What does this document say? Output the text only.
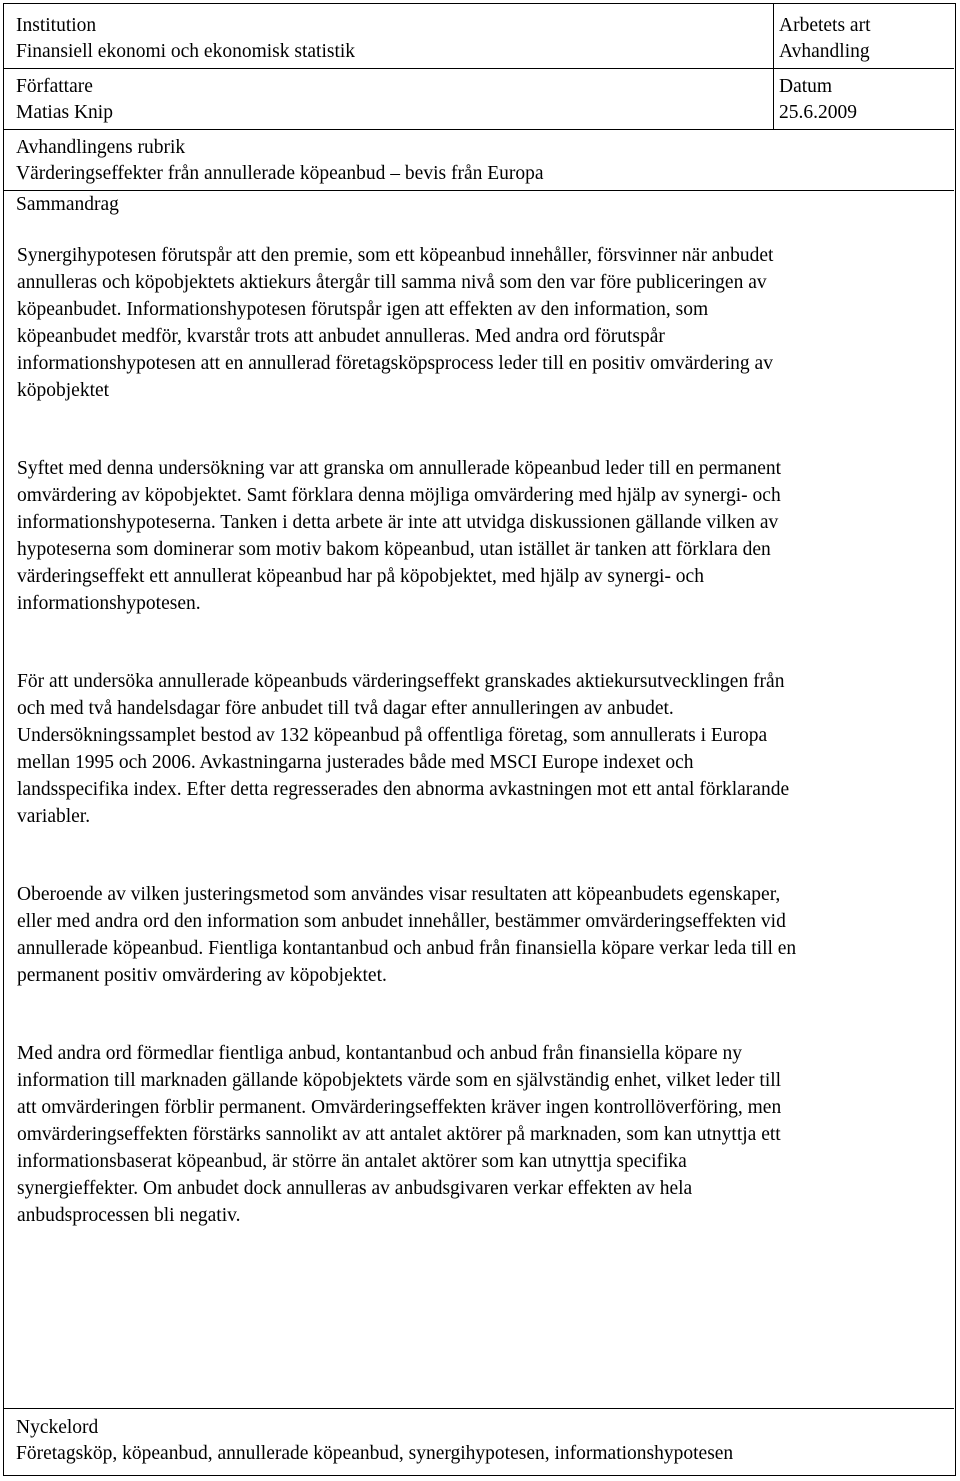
Institution
Finansiell ekonomi och ekonomisk statistik
Arbetets art
Avhandling
Författare
Matias Knip
Datum
25.6.2009
Avhandlingens rubrik
Värderingseffekter från annullerade köpeanbud – bevis från Europa
Sammandrag

Synergihypotesen förutspår att den premie, som ett köpeanbud innehåller, försvinner när anbudet
annulleras och köpobjektets aktiekurs återgår till samma nivå som den var före publiceringen av
köpeanbudet. Informationshypotesen förutspår igen att effekten av den information, som
köpeanbudet medför, kvarstår trots att anbudet annulleras. Med andra ord förutspår
informationshypotesen att en annullerad företagsköpsprocess leder till en positiv omvärdering av
köpobjektet

Syftet med denna undersökning var att granska om annullerade köpeanbud leder till en permanent
omvärdering av köpobjektet. Samt förklara denna möjliga omvärdering med hjälp av synergi- och
informationshypoteserna. Tanken i detta arbete är inte att utvidga diskussionen gällande vilken av
hypoteserna som dominerar som motiv bakom köpeanbud, utan istället är tanken att förklara den
värderingseffekt ett annullerat köpeanbud har på köpobjektet, med hjälp av synergi- och
informationshypotesen.

För att undersöka annullerade köpeanbuds värderingseffekt granskades aktiekursutvecklingen från
och med två handelsdagar före anbudet till två dagar efter annulleringen av anbudet.
Undersökningssamplet bestod av 132 köpeanbud på offentliga företag, som annullerats i Europa
mellan 1995 och 2006. Avkastningarna justerades både med MSCI Europe indexet och
landsspecifika index. Efter detta regresserades den abnorma avkastningen mot ett antal förklarande
variabler.

Oberoende av vilken justeringsmetod som användes visar resultaten att köpeanbudets egenskaper,
eller med andra ord den information som anbudet innehåller, bestämmer omvärderingseffekten vid
annullerade köpeanbud. Fientliga kontantanbud och anbud från finansiella köpare verkar leda till en
permanent positiv omvärdering av köpobjektet.

Med andra ord förmedlar fientliga anbud, kontantanbud och anbud från finansiella köpare ny
information till marknaden gällande köpobjektets värde som en självständig enhet, vilket leder till
att omvärderingen förblir permanent. Omvärderingseffekten kräver ingen kontrollöverföring, men
omvärderingseffekten förstärks sannolikt av att antalet aktörer på marknaden, som kan utnyttja ett
informationsbaserat köpeanbud, är större än antalet aktörer som kan utnyttja specifika
synergieffekter. Om anbudet dock annulleras av anbudsgivaren verkar effekten av hela
anbudsprocessen bli negativ.

Nyckelord
Företagsköp, köpeanbud, annullerade köpeanbud, synergihypotesen, informationshypotesen
